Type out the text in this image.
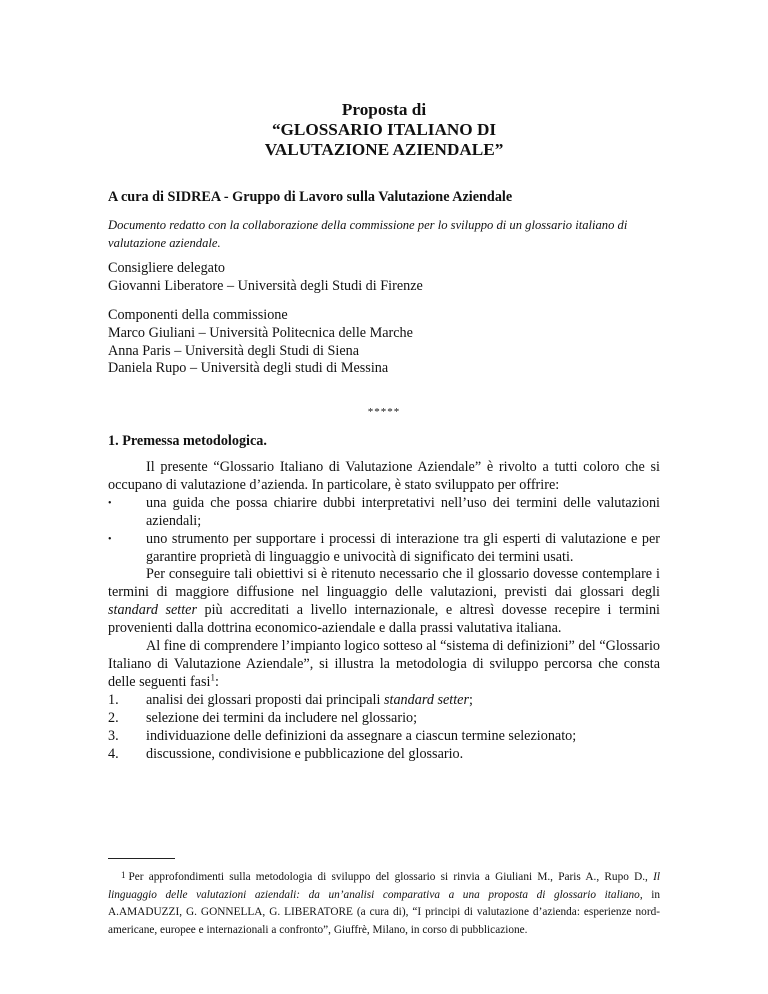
Proposta di
“GLOSSARIO ITALIANO DI
VALUTAZIONE AZIENDALE”
A cura di SIDREA - Gruppo di Lavoro sulla Valutazione Aziendale
Documento redatto con la collaborazione della commissione per lo sviluppo di un glossario italiano di valutazione aziendale.
Consigliere delegato
Giovanni Liberatore – Università degli Studi di Firenze
Componenti della commissione
Marco Giuliani – Università Politecnica delle Marche
Anna Paris – Università degli Studi di Siena
Daniela Rupo – Università degli studi di Messina
*****
1. Premessa metodologica.

Il presente “Glossario Italiano di Valutazione Aziendale” è rivolto a tutti coloro che si occupano di valutazione d’azienda. In particolare, è stato sviluppato per offrire:

• una guida che possa chiarire dubbi interpretativi nell’uso dei termini delle valutazioni aziendali;
• uno strumento per supportare i processi di interazione tra gli esperti di valutazione e per garantire proprietà di linguaggio e univocità di significato dei termini usati.

Per conseguire tali obiettivi si è ritenuto necessario che il glossario dovesse contemplare i termini di maggiore diffusione nel linguaggio delle valutazioni, previsti dai glossari degli standard setter più accreditati a livello internazionale, e altresì dovesse recepire i termini provenienti dalla dottrina economico-aziendale e dalla prassi valutativa italiana.

Al fine di comprendere l’impianto logico sotteso al “sistema di definizioni” del “Glossario Italiano di Valutazione Aziendale”, si illustra la metodologia di sviluppo percorsa che consta delle seguenti fasi$^1$:

1. analisi dei glossari proposti dai principali standard setter;
2. selezione dei termini da includere nel glossario;
3. individuazione delle definizioni da assegnare a ciascun termine selezionato;
4. discussione, condivisione e pubblicazione del glossario.
1 Per approfondimenti sulla metodologia di sviluppo del glossario si rinvia a Giuliani M., Paris A., Rupo D., Il linguaggio delle valutazioni aziendali: da un’analisi comparativa a una proposta di glossario italiano, in A.AMADUZZI, G. GONNELLA, G. LIBERATORE (a cura di), “I principi di valutazione d’azienda: esperienze nord-americane, europee e internazionali a confronto”, Giuffrè, Milano, in corso di pubblicazione.
